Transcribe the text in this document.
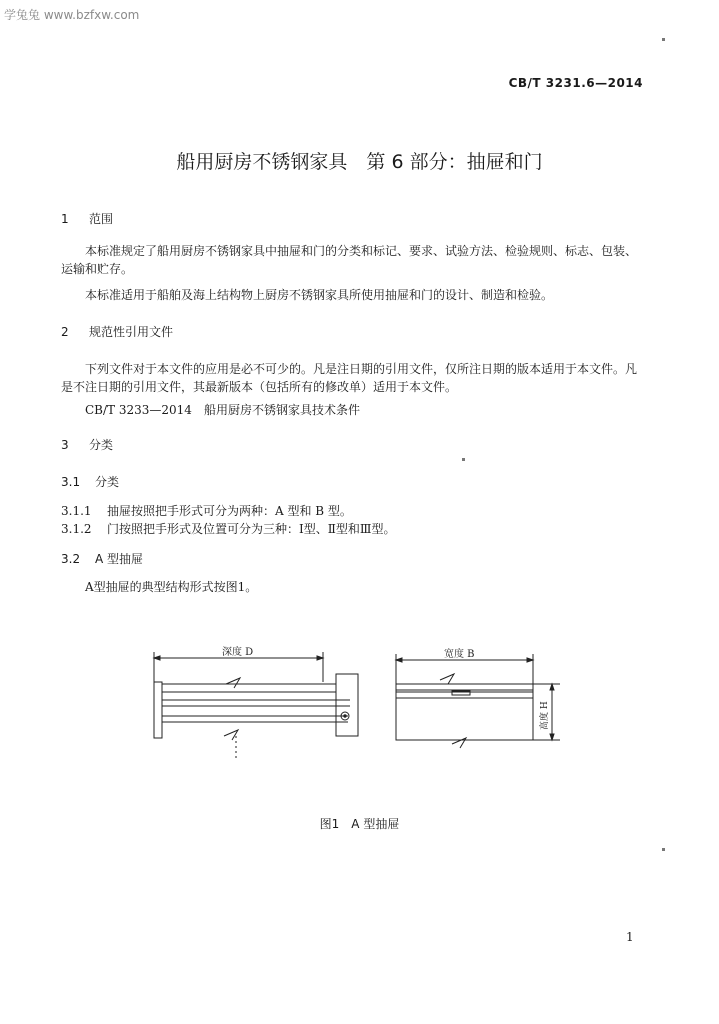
学兔兔 www.bzfxw.com
CB/T 3231.6—2014
船用厨房不锈钢家具　第 6 部分：抽屉和门
1 范围
本标准规定了船用厨房不锈钢家具中抽屉和门的分类和标记、要求、试验方法、检验规则、标志、包装、运输和贮存。
本标准适用于船舶及海上结构物上厨房不锈钢家具所使用抽屉和门的设计、制造和检验。
2 规范性引用文件
下列文件对于本文件的应用是必不可少的。凡是注日期的引用文件，仅所注日期的版本适用于本文件。凡是不注日期的引用文件，其最新版本（包括所有的修改单）适用于本文件。
CB/T 3233—2014　船用厨房不锈钢家具技术条件
3 分类
3.1 分类
3.1.1 抽屉按照把手形式可分为两种：A 型和 B 型。
3.1.2 门按照把手形式及位置可分为三种：Ⅰ型、Ⅱ型和Ⅲ型。
3.2 A 型抽屉
A型抽屉的典型结构形式按图1。
深度 D	宽度 B
高度 H
图1　A 型抽屉
1
